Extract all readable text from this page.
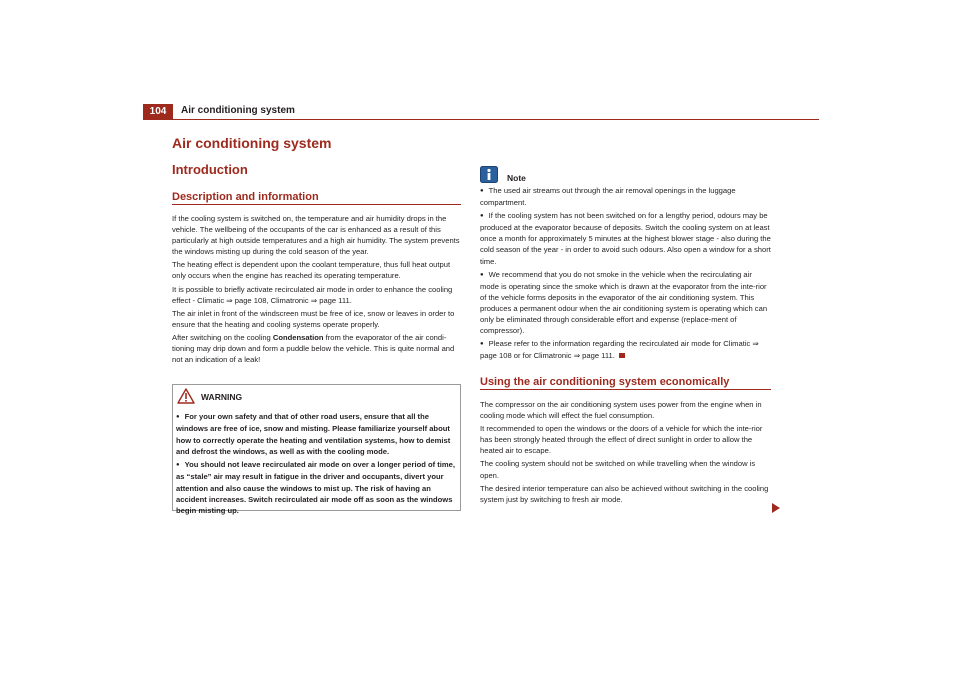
104	Air conditioning system
Air conditioning system
Introduction
Description and information

If the cooling system is switched on, the temperature and air humidity drops in the vehicle. The wellbeing of the occupants of the car is enhanced as a result of this particularly at high outside temperatures and a high air humidity. The system prevents the windows misting up during the cold season of the year.

The heating effect is dependent upon the coolant temperature, thus full heat output only occurs when the engine has reached its operating temperature.

It is possible to briefly activate recirculated air mode in order to enhance the cooling effect - Climatic ⇒ page 108, Climatronic ⇒ page 111.

The air inlet in front of the windscreen must be free of ice, snow or leaves in order to ensure that the heating and cooling systems operate properly.

After switching on the cooling Condensation from the evaporator of the air condi-tioning may drip down and form a puddle below the vehicle. This is quite normal and not an indication of a leak!

WARNING

● For your own safety and that of other road users, ensure that all the windows are free of ice, snow and misting. Please familiarize yourself about how to correctly operate the heating and ventilation systems, how to demist and defrost the windows, as well as with the cooling mode.

● You should not leave recirculated air mode on over a longer period of time, as “stale” air may result in fatigue in the driver and occupants, divert your attention and also cause the windows to mist up. The risk of having an accident increases. Switch recirculated air mode off as soon as the windows begin misting up.

Note

● The used air streams out through the air removal openings in the luggage compartment.

● If the cooling system has not been switched on for a lengthy period, odours may be produced at the evaporator because of deposits. Switch the cooling system on at least once a month for approximately 5 minutes at the highest blower stage - also during the cold season of the year - in order to avoid such odours. Also open a window for a short time.

● We recommend that you do not smoke in the vehicle when the recirculating air mode is operating since the smoke which is drawn at the evaporator from the inte-rior of the vehicle forms deposits in the evaporator of the air conditioning system. This produces a permanent odour when the air conditioning system is operating which can only be eliminated through considerable effort and expense (replace-ment of compressor).

● Please refer to the information regarding the recirculated air mode for Climatic ⇒ page 108 or for Climatronic ⇒ page 111.

Using the air conditioning system economically

The compressor on the air conditioning system uses power from the engine when in cooling mode which will effect the fuel consumption.

It recommended to open the windows or the doors of a vehicle for which the inte-rior has been strongly heated through the effect of direct sunlight in order to allow the heated air to escape.

The cooling system should not be switched on while travelling when the window is open.

The desired interior temperature can also be achieved without switching in the cooling system just by switching to fresh air mode.
